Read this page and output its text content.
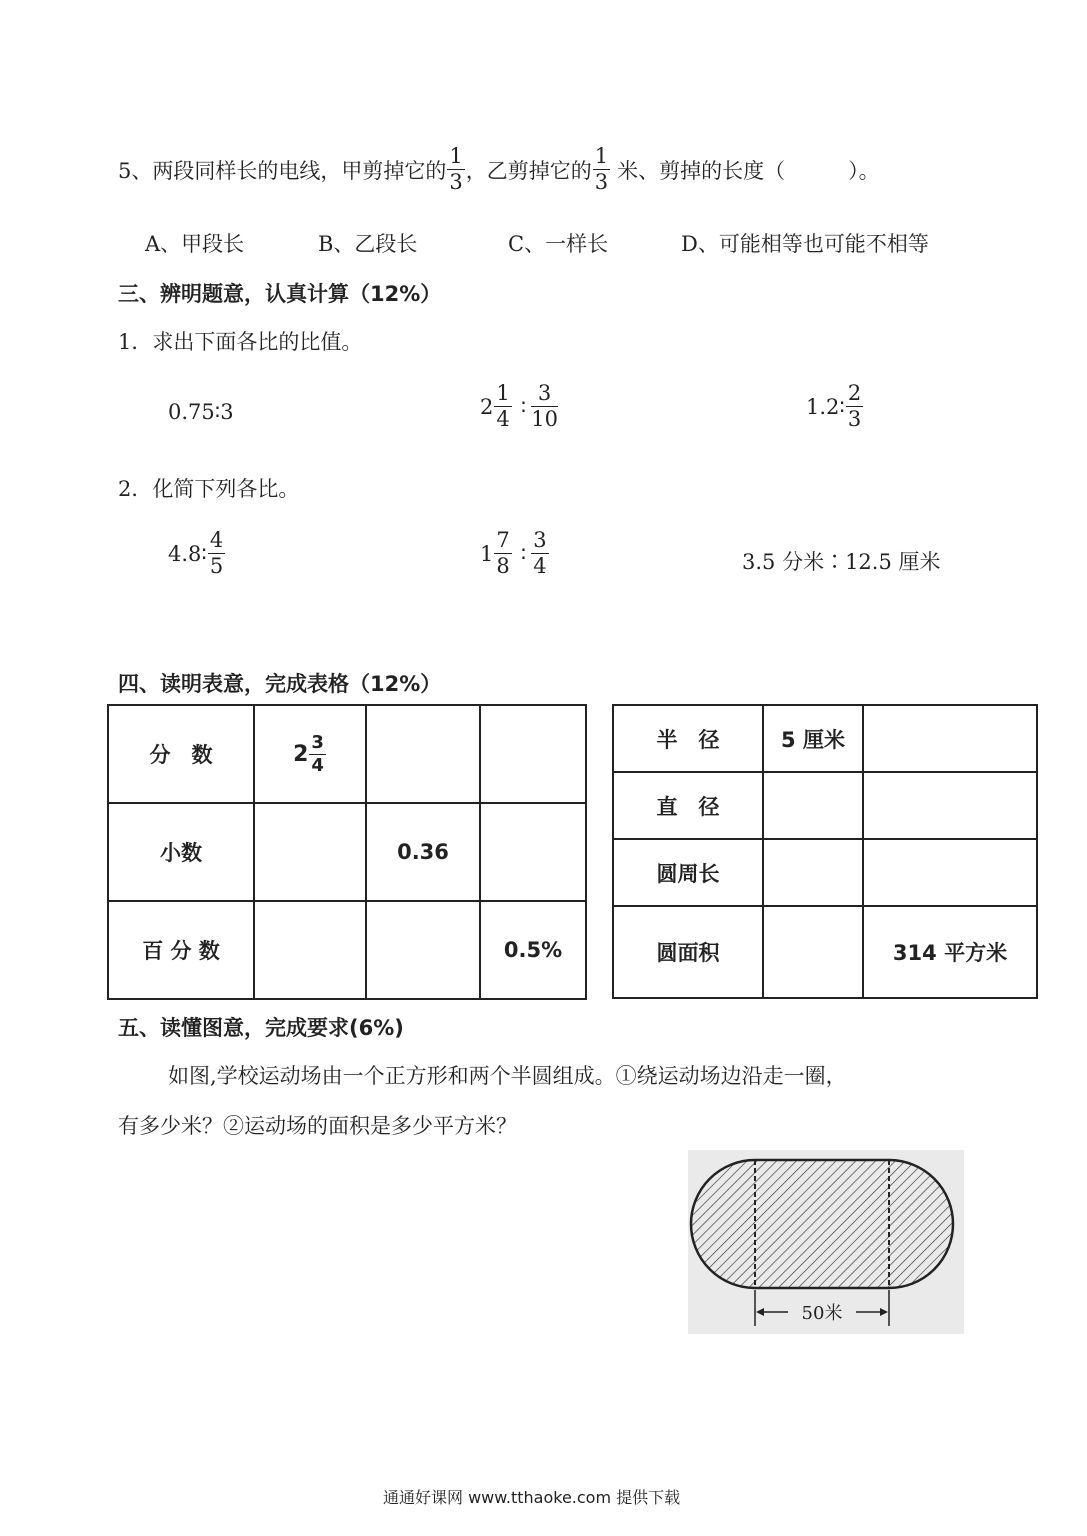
5、两段同样长的电线，甲剪掉它的 $\frac{1}{3}$ ，乙剪掉它的 $\frac{1}{3}$ 米、剪掉的长度（　　　）。
A、甲段长	B、乙段长	C、一样长	D、可能相等也可能不相等
三、辨明题意，认真计算（12%）
1．求出下面各比的比值。
0.75∶3	$2 \frac{1}{4}$ ∶ $\frac{3}{10}$	1.2∶ $\frac{2}{3}$
2．化简下列各比。
4.8∶ $\frac{4}{5}$	$1 \frac{7}{8}$ ∶ $\frac{3}{4}$	3.5 分米∶12.5 厘米
四、读明表意，完成表格（12%）
分　数	$2 \frac{3}{4}$

小数		0.36	
百 分 数			0.5%
半　径	5 厘米	
直　径		
圆周长		
圆面积		314 平方米
五、读懂图意，完成要求(6%)
如图,学校运动场由一个正方形和两个半圆组成。①绕运动场边沿走一圈，
有多少米？②运动场的面积是多少平方米？
50米
通通好课网 www.tthaoke.com 提供下载
